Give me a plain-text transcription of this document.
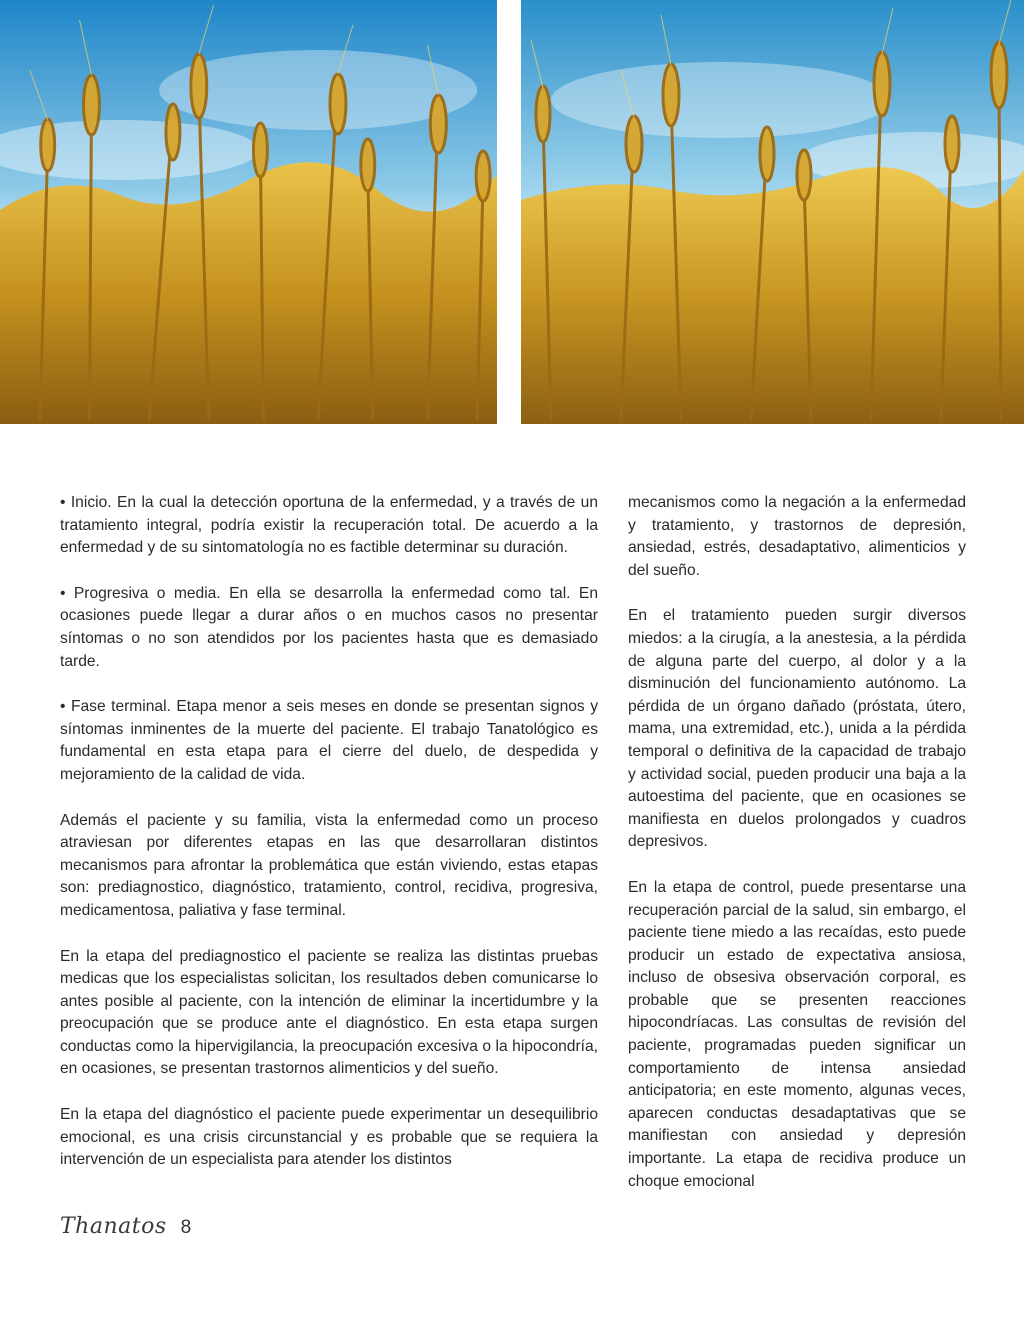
• Inicio. En la cual la detección oportuna de la enfermedad, y a través de un tratamiento integral, podría existir la recuperación total. De acuerdo a la enfermedad y de su sintomatología no es factible determinar su duración.

• Progresiva o media. En ella se desarrolla la enfermedad como tal. En ocasiones puede llegar a durar años o en muchos casos no presentar síntomas o no son atendidos por los pacientes hasta que es demasiado tarde.

• Fase terminal. Etapa menor a seis meses en donde se presentan signos y síntomas inminentes de la muerte del paciente. El trabajo Tanatológico es fundamental en esta etapa para el cierre del duelo, de despedida y mejoramiento de la calidad de vida.

Además el paciente y su familia, vista la enfermedad como un proceso atraviesan por diferentes etapas en las que desarrollaran distintos mecanismos para afrontar la problemática que están viviendo, estas etapas son: prediagnostico, diagnóstico, tratamiento, control, recidiva, progresiva, medicamentosa, paliativa y fase terminal.

En la etapa del prediagnostico el paciente se realiza las distintas pruebas medicas que los especialistas solicitan, los resultados deben comunicarse lo antes posible al paciente, con la intención de eliminar la incertidumbre y la preocupación que se produce ante el diagnóstico. En esta etapa surgen conductas como la hipervigilancia, la preocupación excesiva o la hipocondría, en ocasiones, se presentan trastornos alimenticios y del sueño.

En la etapa del diagnóstico el paciente puede experimentar un desequilibrio emocional, es una crisis circunstancial y es probable que se requiera la intervención de un especialista para atender los distintos

mecanismos como la negación a la enfermedad y tratamiento, y trastornos de depresión, ansiedad, estrés, desadaptativo, alimenticios y del sueño.

En el tratamiento pueden surgir diversos miedos: a la cirugía, a la anestesia, a la pérdida de alguna parte del cuerpo, al dolor y a la disminución del funcionamiento autónomo. La pérdida de un órgano dañado (próstata, útero, mama, una extremidad, etc.), unida a la pérdida temporal o definitiva de la capacidad de trabajo y actividad social, pueden producir una baja a la autoestima del paciente, que en ocasiones se manifiesta en duelos prolongados y cuadros depresivos.

En la etapa de control, puede presentarse una recuperación parcial de la salud, sin embargo, el paciente tiene miedo a las recaídas, esto puede producir un estado de expectativa ansiosa, incluso de obsesiva observación corporal, es probable que se presenten reacciones hipocondríacas. Las consultas de revisión del paciente, programadas pueden significar un comportamiento de intensa ansiedad anticipatoria; en este momento, algunas veces, aparecen conductas desadaptativas que se manifiestan con ansiedad y depresión importante. La etapa de recidiva produce un choque emocional

Thanatos 8
